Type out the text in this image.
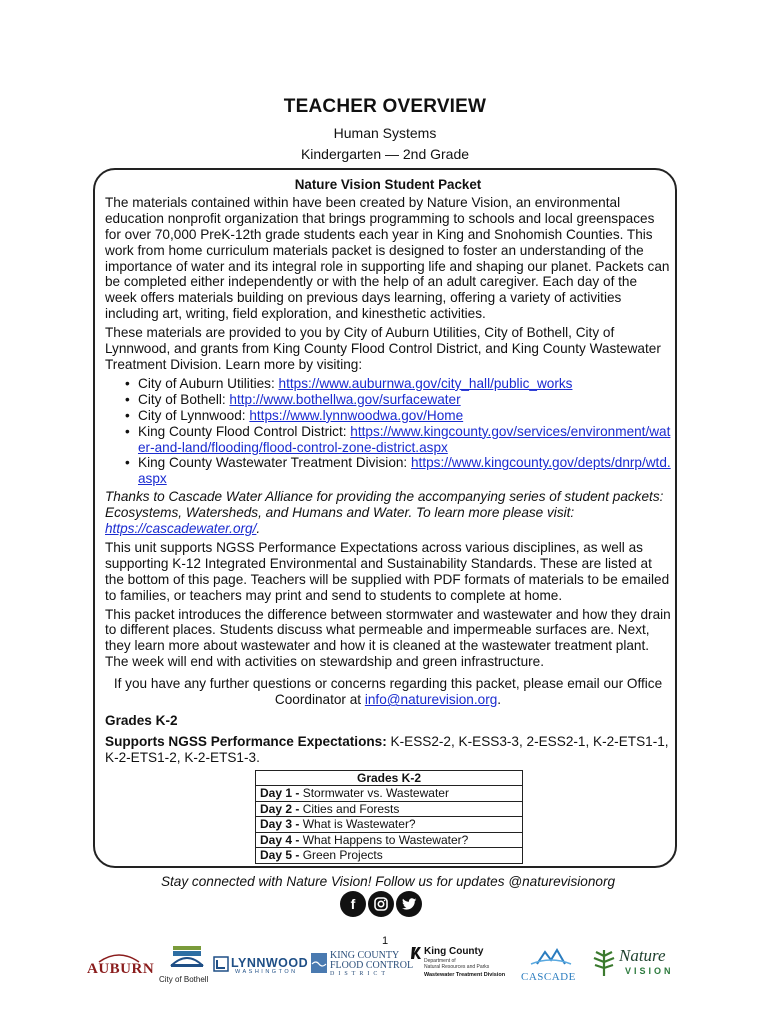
TEACHER OVERVIEW
Human Systems
Kindergarten — 2nd Grade

Nature Vision Student Packet

The materials contained within have been created by Nature Vision, an environmental education nonprofit organization that brings programming to schools and local greenspaces for over 70,000 PreK-12th grade students each year in King and Snohomish Counties. This work from home curriculum materials packet is designed to foster an understanding of the importance of water and its integral role in supporting life and shaping our planet. Packets can be completed either independently or with the help of an adult caregiver. Each day of the week offers materials building on previous days learning, offering a variety of activities including art, writing, field exploration, and kinesthetic activities.

These materials are provided to you by City of Auburn Utilities, City of Bothell, City of Lynnwood, and grants from King County Flood Control District, and King County Wastewater Treatment Division. Learn more by visiting:

• City of Auburn Utilities: https://www.auburnwa.gov/city_hall/public_works
• City of Bothell: http://www.bothellwa.gov/surfacewater
• City of Lynnwood: https://www.lynnwoodwa.gov/Home
• King County Flood Control District: https://www.kingcounty.gov/services/environment/water-and-land/flooding/flood-control-zone-district.aspx
• King County Wastewater Treatment Division: https://www.kingcounty.gov/depts/dnrp/wtd.aspx

Thanks to Cascade Water Alliance for providing the accompanying series of student packets: Ecosystems, Watersheds, and Humans and Water. To learn more please visit: https://cascadewater.org/.

This unit supports NGSS Performance Expectations across various disciplines, as well as supporting K-12 Integrated Environmental and Sustainability Standards. These are listed at the bottom of this page. Teachers will be supplied with PDF formats of materials to be emailed to families, or teachers may print and send to students to complete at home.

This packet introduces the difference between stormwater and wastewater and how they drain to different places. Students discuss what permeable and impermeable surfaces are. Next, they learn more about wastewater and how it is cleaned at the wastewater treatment plant. The week will end with activities on stewardship and green infrastructure.

If you have any further questions or concerns regarding this packet, please email our Office Coordinator at info@naturevision.org.

Grades K-2

Supports NGSS Performance Expectations: K-ESS2-2, K-ESS3-3, 2-ESS2-1, K-2-ETS1-1, K-2-ETS1-2, K-2-ETS1-3.

Grades K-2
Day 1 - Stormwater vs. Wastewater
Day 2 - Cities and Forests
Day 3 - What is Wastewater?
Day 4 - What Happens to Wastewater?
Day 5 - Green Projects

Stay connected with Nature Vision! Follow us for updates @naturevisionorg

f
1
AUBURN
City of Bothell
LYNNWOOD
WASHINGTON
KING COUNTY
FLOOD CONTROL
DISTRICT
King County
Department of
Natural Resources and Parks
Wastewater Treatment Division CASCADE
Nature
VISION
